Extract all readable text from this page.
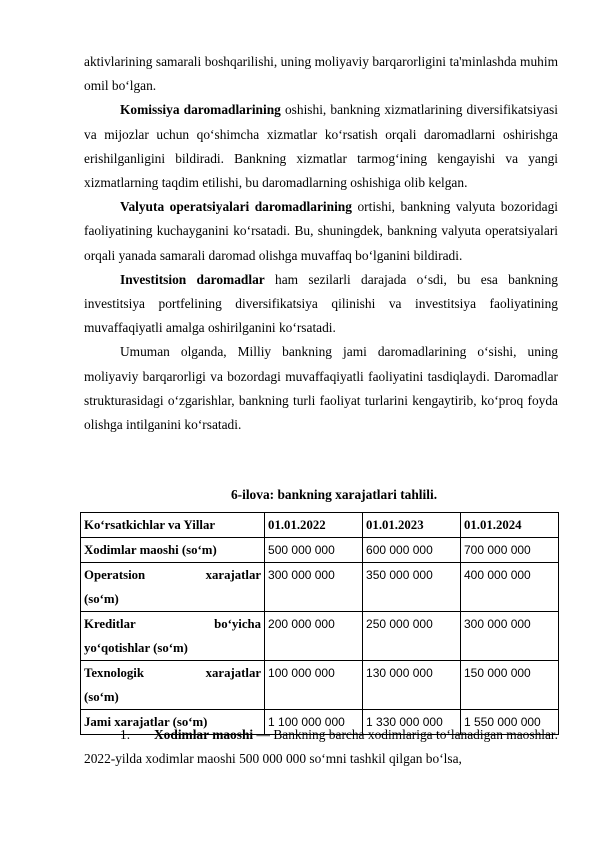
aktivlarining samarali boshqarilishi, uning moliyaviy barqarorligini ta'minlashda muhim omil bo‘lgan.

Komissiya daromadlarining oshishi, bankning xizmatlarining diversifikatsiyasi va mijozlar uchun qo‘shimcha xizmatlar ko‘rsatish orqali daromadlarni oshirishga erishilganligini bildiradi. Bankning xizmatlar tarmog‘ining kengayishi va yangi xizmatlarning taqdim etilishi, bu daromadlarning oshishiga olib kelgan.

Valyuta operatsiyalari daromadlarining ortishi, bankning valyuta bozoridagi faoliyatining kuchayganini ko‘rsatadi. Bu, shuningdek, bankning valyuta operatsiyalari orqali yanada samarali daromad olishga muvaffaq bo‘lganini bildiradi.

Investitsion daromadlar ham sezilarli darajada o‘sdi, bu esa bankning investitsiya portfelining diversifikatsiya qilinishi va investitsiya faoliyatining muvaffaqiyatli amalga oshirilganini ko‘rsatadi.

Umuman olganda, Milliy bankning jami daromadlarining o‘sishi, uning moliyaviy barqarorligi va bozordagi muvaffaqiyatli faoliyatini tasdiqlaydi. Daromadlar strukturasidagi o‘zgarishlar, bankning turli faoliyat turlarini kengaytirib, ko‘proq foyda olishga intilganini ko‘rsatadi.

6-ilova: bankning xarajatlari tahlili.
Ko‘rsatkichlar va Yillar	01.01.2022	01.01.2023	01.01.2024
Xodimlar maoshi (so‘m)	500 000 000	600 000 000	700 000 000
Operatsion xarajatlar
(so‘m)	300 000 000	350 000 000	400 000 000
Kreditlar bo‘yicha
yo‘qotishlar (so‘m)	200 000 000	250 000 000	300 000 000
Texnologik xarajatlar
(so‘m)	100 000 000	130 000 000	150 000 000
Jami xarajatlar (so‘m)	1 100 000 000	1 330 000 000	1 550 000 000
1. Xodimlar maoshi — Bankning barcha xodimlariga to‘lanadigan maoshlar. 2022-yilda xodimlar maoshi 500 000 000 so‘mni tashkil qilgan bo‘lsa,
